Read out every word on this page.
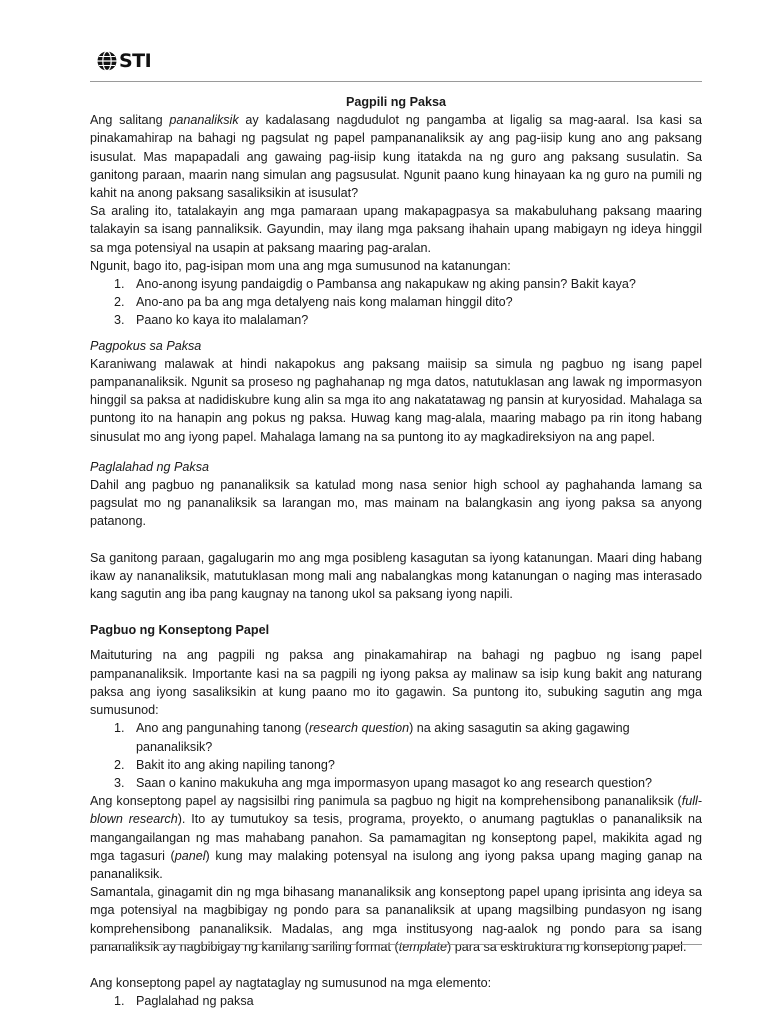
STI

Pagpili ng Paksa

Ang salitang pananaliksik ay kadalasang nagdudulot ng pangamba at ligalig sa mag-aaral. Isa kasi sa pinakamahirap na bahagi ng pagsulat ng papel pampananaliksik ay ang pag-iisip kung ano ang paksang isusulat. Mas mapapadali ang gawaing pag-iisip kung itatakda na ng guro ang paksang susulatin. Sa ganitong paraan, maarin nang simulan ang pagsusulat. Ngunit paano kung hinayaan ka ng guro na pumili ng kahit na anong paksang sasaliksikin at isusulat?

Sa araling ito, tatalakayin ang mga pamaraan upang makapagpasya sa makabuluhang paksang maaring talakayin sa isang pannaliksik. Gayundin, may ilang mga paksang ihahain upang mabigayn ng ideya hinggil sa mga potensiyal na usapin at paksang maaring pag-aralan.

Ngunit, bago ito, pag-isipan mom una ang mga sumusunod na katanungan:

1. Ano-anong isyung pandaigdig o Pambansa ang nakapukaw ng aking pansin? Bakit kaya?
2. Ano-ano pa ba ang mga detalyeng nais kong malaman hinggil dito?
3. Paano ko kaya ito malalaman?

Pagpokus sa Paksa

Karaniwang malawak at hindi nakapokus ang paksang maiisip sa simula ng pagbuo ng isang papel pampananaliksik. Ngunit sa proseso ng paghahanap ng mga datos, natutuklasan ang lawak ng impormasyon hinggil sa paksa at nadidiskubre kung alin sa mga ito ang nakatatawag ng pansin at kuryosidad. Mahalaga sa puntong ito na hanapin ang pokus ng paksa. Huwag kang mag-alala, maaring mabago pa rin itong habang sinusulat mo ang iyong papel. Mahalaga lamang na sa puntong ito ay magkadireksiyon na ang papel.

Paglalahad ng Paksa

Dahil ang pagbuo ng pananaliksik sa katulad mong nasa senior high school ay paghahanda lamang sa pagsulat mo ng pananaliksik sa larangan mo, mas mainam na balangkasin ang iyong paksa sa anyong patanong.

Sa ganitong paraan, gagalugarin mo ang mga posibleng kasagutan sa iyong katanungan. Maari ding habang ikaw ay nananaliksik, matutuklasan mong mali ang nabalangkas mong katanungan o naging mas interasado kang sagutin ang iba pang kaugnay na tanong ukol sa paksang iyong napili.

Pagbuo ng Konseptong Papel

Maituturing na ang pagpili ng paksa ang pinakamahirap na bahagi ng pagbuo ng isang papel pampananaliksik. Importante kasi na sa pagpili ng iyong paksa ay malinaw sa isip kung bakit ang naturang paksa ang iyong sasaliksikin at kung paano mo ito gagawin. Sa puntong ito, subuking sagutin ang mga sumusunod:

1. Ano ang pangunahing tanong (research question) na aking sasagutin sa aking gagawing pananaliksik?
2. Bakit ito ang aking napiling tanong?
3. Saan o kanino makukuha ang mga impormasyon upang masagot ko ang research question?

Ang konseptong papel ay nagsisilbi ring panimula sa pagbuo ng higit na komprehensibong pananaliksik (full-blown research). Ito ay tumutukoy sa tesis, programa, proyekto, o anumang pagtuklas o pananaliksik na mangangailangan ng mas mahabang panahon. Sa pamamagitan ng konseptong papel, makikita agad ng mga tagasuri (panel) kung may malaking potensyal na isulong ang iyong paksa upang maging ganap na pananaliksik.

Samantala, ginagamit din ng mga bihasang mananaliksik ang konseptong papel upang iprisinta ang ideya sa mga potensiyal na magbibigay ng pondo para sa pananaliksik at upang magsilbing pundasyon ng isang komprehensibong pananaliksik. Madalas, ang mga institusyong nag-aalok ng pondo para sa isang pananaliksik ay nagbibigay ng kanilang sariling format (template) para sa esktruktura ng konseptong papel.

Ang konseptong papel ay nagtataglay ng sumusunod na mga elemento:

1. Paglalahad ng paksa
